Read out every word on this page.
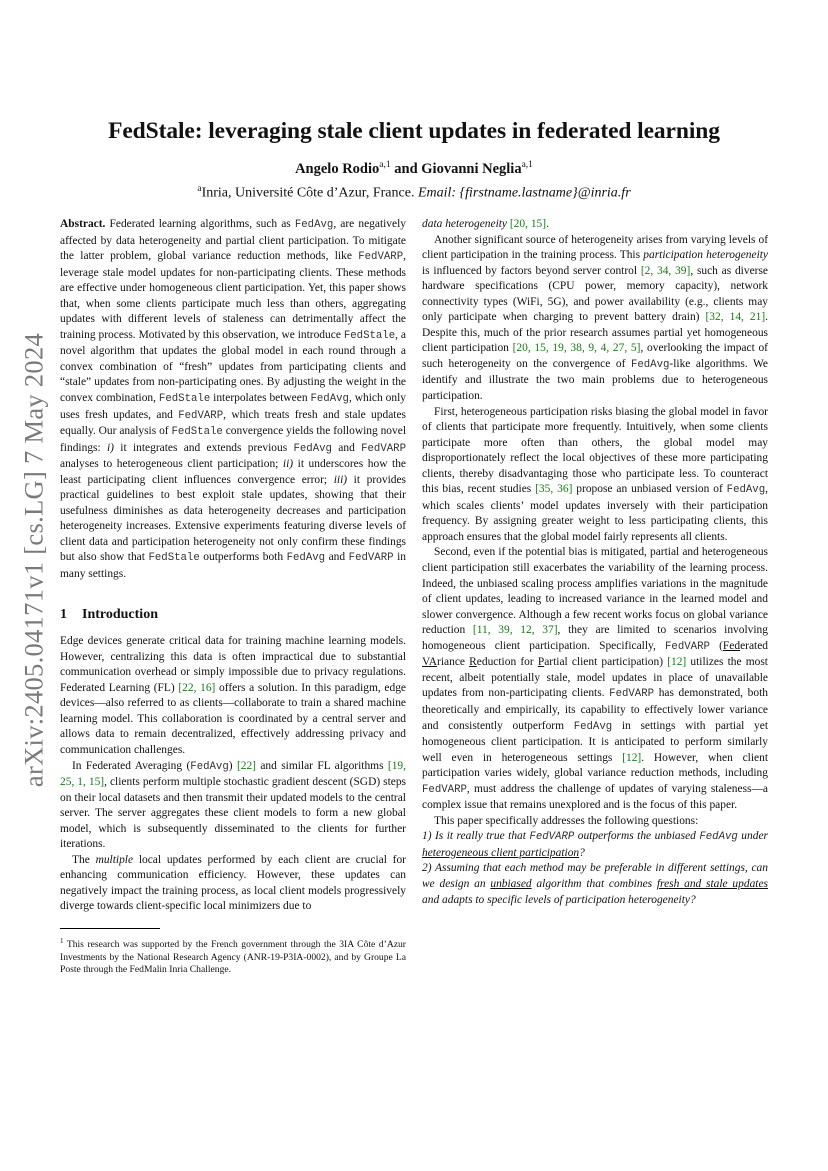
arXiv:2405.04171v1 [cs.LG] 7 May 2024
FedStale: leveraging stale client updates in federated learning
Angelo Rodio$^{a,1}$ and Giovanni Neglia$^{a,1}$
$^a$Inria, Université Côte d’Azur, France. Email: {firstname.lastname}@inria.fr

Abstract. Federated learning algorithms, such as FedAvg, are negatively affected by data heterogeneity and partial client participation. To mitigate the latter problem, global variance reduction methods, like FedVARP, leverage stale model updates for non-participating clients. These methods are effective under homogeneous client participation. Yet, this paper shows that, when some clients participate much less than others, aggregating updates with different levels of staleness can detrimentally affect the training process. Motivated by this observation, we introduce FedStale, a novel algorithm that updates the global model in each round through a convex combination of “fresh” updates from participating clients and “stale” updates from non-participating ones. By adjusting the weight in the convex combination, FedStale interpolates between FedAvg, which only uses fresh updates, and FedVARP, which treats fresh and stale updates equally. Our analysis of FedStale convergence yields the following novel findings: i) it integrates and extends previous FedAvg and FedVARP analyses to heterogeneous client participation; ii) it underscores how the least participating client influences convergence error; iii) it provides practical guidelines to best exploit stale updates, showing that their usefulness diminishes as data heterogeneity decreases and participation heterogeneity increases. Extensive experiments featuring diverse levels of client data and participation heterogeneity not only confirm these findings but also show that FedStale outperforms both FedAvg and FedVARP in many settings.

1 Introduction

Edge devices generate critical data for training machine learning models. However, centralizing this data is often impractical due to substantial communication overhead or simply impossible due to privacy regulations. Federated Learning (FL) [22, 16] offers a solution. In this paradigm, edge devices—also referred to as clients—collaborate to train a shared machine learning model. This collaboration is coordinated by a central server and allows data to remain decentralized, effectively addressing privacy and communication challenges.

In Federated Averaging (FedAvg) [22] and similar FL algorithms [19, 25, 1, 15], clients perform multiple stochastic gradient descent (SGD) steps on their local datasets and then transmit their updated models to the central server. The server aggregates these client models to form a new global model, which is subsequently disseminated to the clients for further iterations.

The multiple local updates performed by each client are crucial for enhancing communication efficiency. However, these updates can negatively impact the training process, as local client models progressively diverge towards client-specific local minimizers due to

data heterogeneity [20, 15].

Another significant source of heterogeneity arises from varying levels of client participation in the training process. This participation heterogeneity is influenced by factors beyond server control [2, 34, 39], such as diverse hardware specifications (CPU power, memory capacity), network connectivity types (WiFi, 5G), and power availability (e.g., clients may only participate when charging to prevent battery drain) [32, 14, 21]. Despite this, much of the prior research assumes partial yet homogeneous client participation [20, 15, 19, 38, 9, 4, 27, 5], overlooking the impact of such heterogeneity on the convergence of FedAvg-like algorithms. We identify and illustrate the two main problems due to heterogeneous participation.

First, heterogeneous participation risks biasing the global model in favor of clients that participate more frequently. Intuitively, when some clients participate more often than others, the global model may disproportionately reflect the local objectives of these more participating clients, thereby disadvantaging those who participate less. To counteract this bias, recent studies [35, 36] propose an unbiased version of FedAvg, which scales clients’ model updates inversely with their participation frequency. By assigning greater weight to less participating clients, this approach ensures that the global model fairly represents all clients.

Second, even if the potential bias is mitigated, partial and heterogeneous client participation still exacerbates the variability of the learning process. Indeed, the unbiased scaling process amplifies variations in the magnitude of client updates, leading to increased variance in the learned model and slower convergence. Although a few recent works focus on global variance reduction [11, 39, 12, 37], they are limited to scenarios involving homogeneous client participation. Specifically, FedVARP (Federated VAriance Reduction for Partial client participation) [12] utilizes the most recent, albeit potentially stale, model updates in place of unavailable updates from non-participating clients. FedVARP has demonstrated, both theoretically and empirically, its capability to effectively lower variance and consistently outperform FedAvg in settings with partial yet homogeneous client participation. It is anticipated to perform similarly well even in heterogeneous settings [12]. However, when client participation varies widely, global variance reduction methods, including FedVARP, must address the challenge of updates of varying staleness—a complex issue that remains unexplored and is the focus of this paper.

This paper specifically addresses the following questions:

1) Is it really true that FedVARP outperforms the unbiased FedAvg under heterogeneous client participation?

2) Assuming that each method may be preferable in different settings, can we design an unbiased algorithm that combines fresh and stale updates and adapts to specific levels of participation heterogeneity?

$^1$ This research was supported by the French government through the 3IA Côte d’Azur Investments by the National Research Agency (ANR-19-P3IA-0002), and by Groupe La Poste through the FedMalin Inria Challenge.
